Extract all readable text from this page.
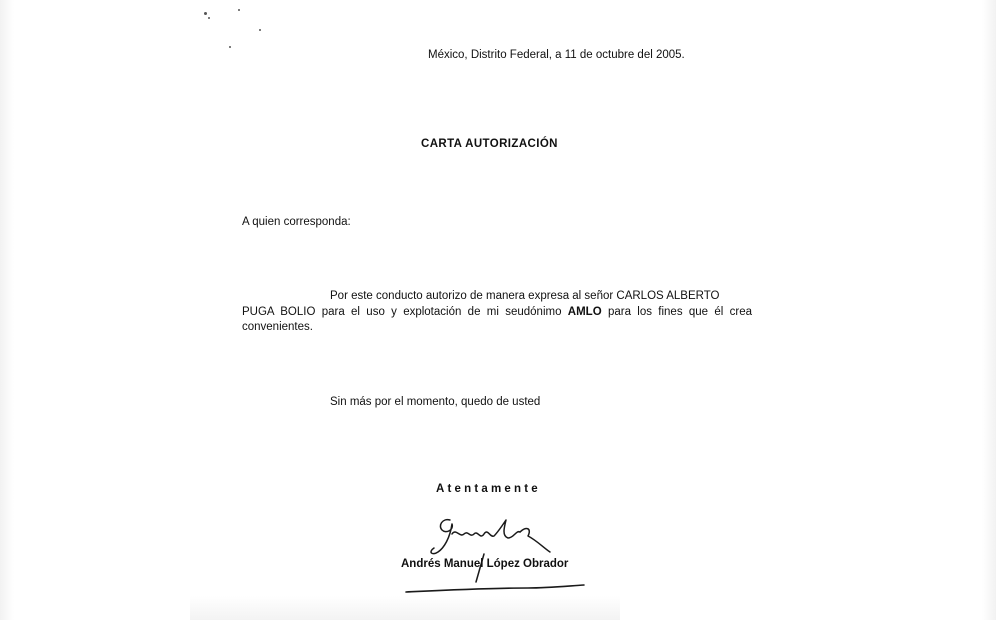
México, Distrito Federal, a 11 de octubre del 2005.
CARTA AUTORIZACIÓN
A quien corresponda:
Por este conducto autorizo de manera expresa al señor CARLOS ALBERTO
PUGA BOLIO para el uso y explotación de mi seudónimo AMLO para los fines que él crea
convenientes.
Sin más por el momento, quedo de usted
Atentamente
Andrés Manuel López Obrador
